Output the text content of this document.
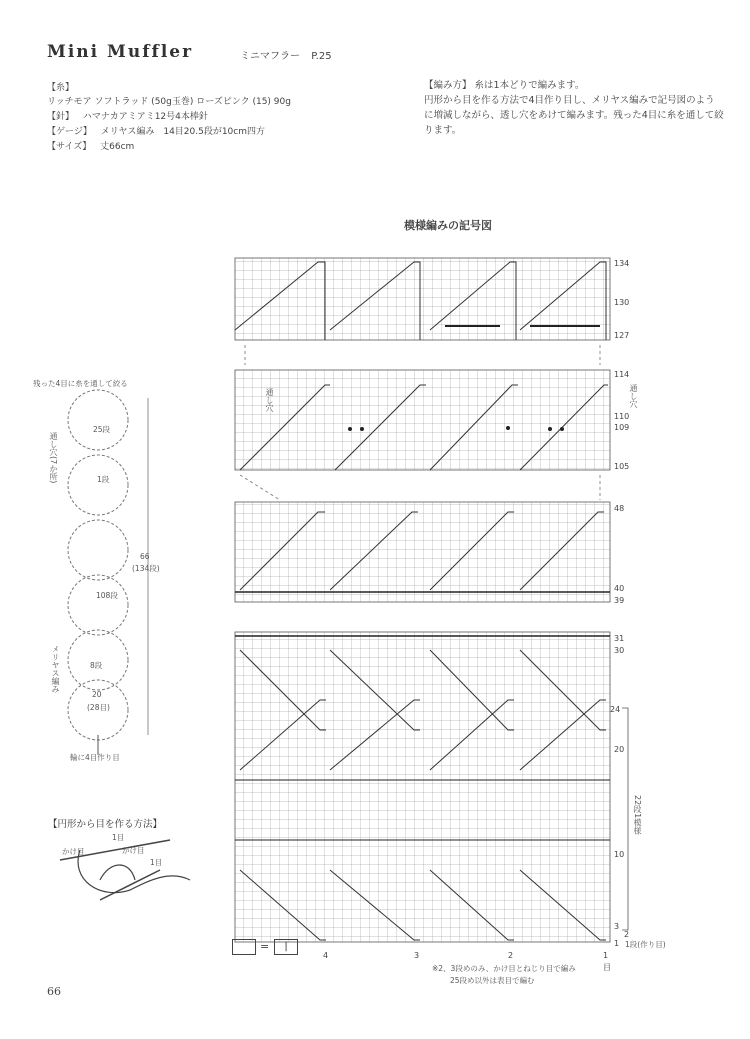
Mini Muffler	ミニマフラー P.25
【糸】
リッチモア ソフトラッド (50g玉巻) ローズピンク (15) 90g
【針】 ハマナカアミアミ12号4本棒針
【ゲージ】 メリヤス編み　14目20.5段が10cm四方
【サイズ】 丈66cm
【編み方】 糸は1本どりで編みます。
円形から目を作る方法で4目作り目し、メリヤス編みで記号図のよう
に増減しながら、透し穴をあけて編みます。残った4目に糸を通して絞
ります。
模様編みの記号図
134
130
127
114
110
109
105
48
40
39
31
30
24
20
10
3
2
1 1段(作り目)
22段1模様
4	3	2	1
目
通し穴	通し穴
※2、3段めのみ、かけ目とねじり目で編み
25段め以外は表目で編む
=	|
残った4目に糸を通して絞る
25段
1段
108段
8段
20
(28目)
66
(134段)
通し穴(7か所)
メリヤス編み
輪に4目作り目
【円形から目を作る方法】
1目
かけ目	かけ目
1目
66
